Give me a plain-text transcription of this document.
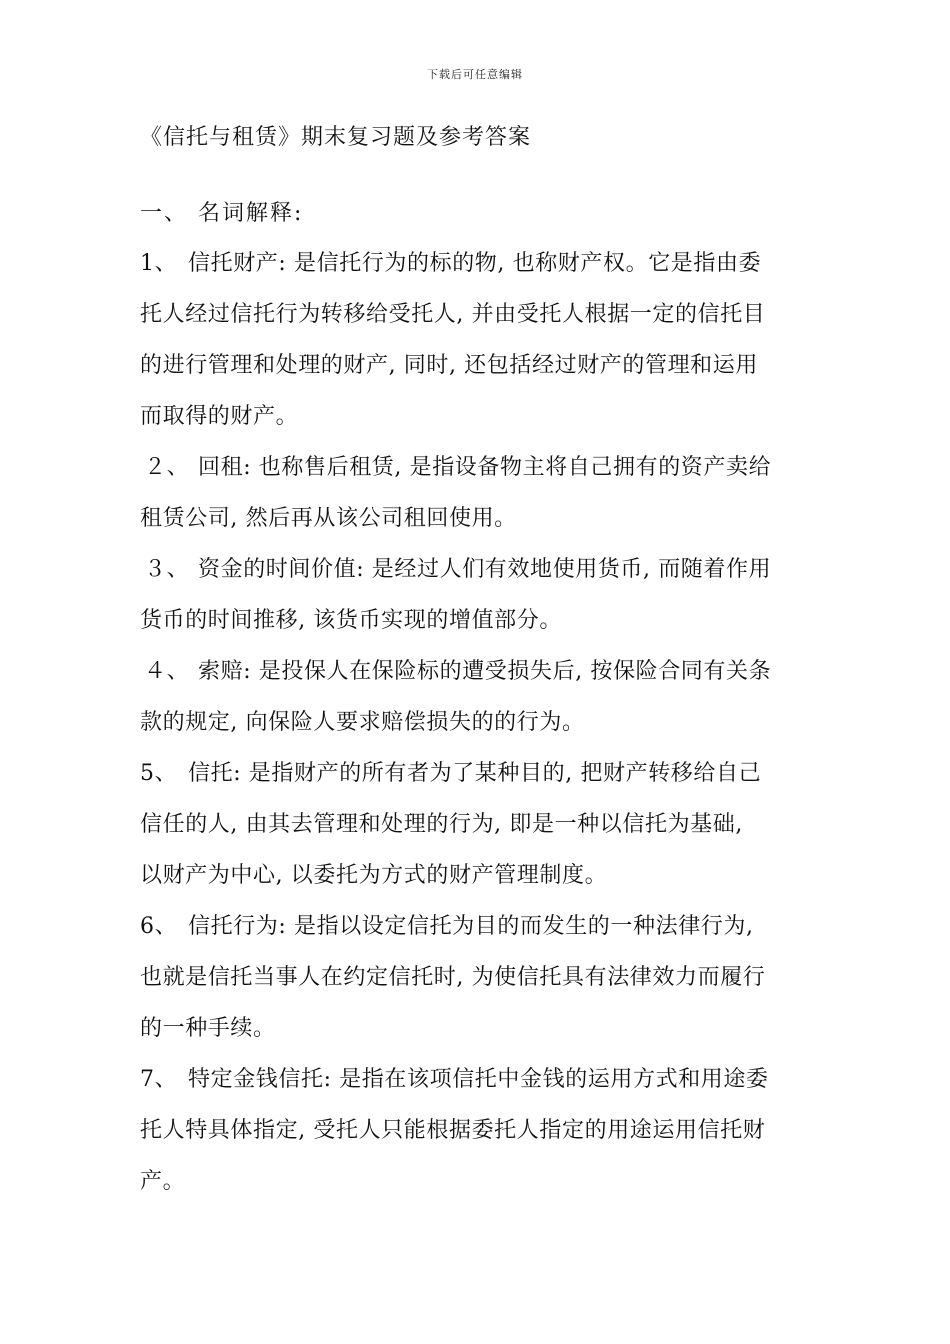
下载后可任意编辑
《信托与租赁》期末复习题及参考答案
一、 名词解释:
1、 信托财产: 是信托行为的标的物, 也称财产权。它是指由委
托人经过信托行为转移给受托人, 并由受托人根据一定的信托目
的进行管理和处理的财产, 同时, 还包括经过财产的管理和运用
而取得的财产。
２、 回租: 也称售后租赁, 是指设备物主将自己拥有的资产卖给
租赁公司, 然后再从该公司租回使用。
３、 资金的时间价值: 是经过人们有效地使用货币, 而随着作用
货币的时间推移, 该货币实现的增值部分。
４、 索赔: 是投保人在保险标的遭受损失后, 按保险合同有关条
款的规定, 向保险人要求赔偿损失的的行为。
5、 信托: 是指财产的所有者为了某种目的, 把财产转移给自己
信任的人, 由其去管理和处理的行为, 即是一种以信托为基础,
以财产为中心, 以委托为方式的财产管理制度。
6、 信托行为: 是指以设定信托为目的而发生的一种法律行为,
也就是信托当事人在约定信托时, 为使信托具有法律效力而履行
的一种手续。
7、 特定金钱信托: 是指在该项信托中金钱的运用方式和用途委
托人特具体指定, 受托人只能根据委托人指定的用途运用信托财
产。
